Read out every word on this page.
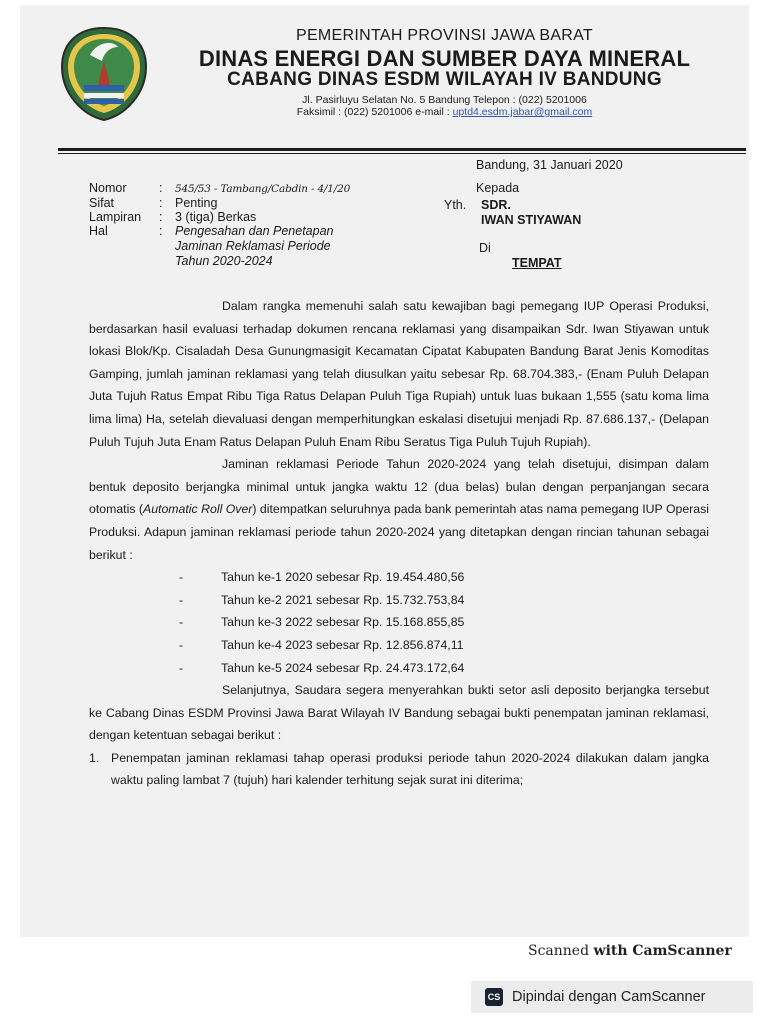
PEMERINTAH PROVINSI JAWA BARAT
DINAS ENERGI DAN SUMBER DAYA MINERAL
CABANG DINAS ESDM WILAYAH IV BANDUNG
Jl. Pasirluyu Selatan No. 5 Bandung Telepon : (022) 5201006
Faksimil : (022) 5201006 e-mail : uptd4.esdm.jabar@gmail.com
Bandung, 31 Januari 2020
Kepada
Yth. SDR.
IWAN STIYAWAN
Di
TEMPAT
Nomor	: 545/53 - Tambang/Cabdin - 4/1/20
Sifat	: Penting
Lampiran : 3 (tiga) Berkas
Hal	: Pengesahan dan Penetapan
Jaminan Reklamasi Periode
Tahun 2020-2024

Dalam rangka memenuhi salah satu kewajiban bagi pemegang IUP Operasi Produksi, berdasarkan hasil evaluasi terhadap dokumen rencana reklamasi yang disampaikan Sdr. Iwan Stiyawan untuk lokasi Blok/Kp. Cisaladah Desa Gunungmasigit Kecamatan Cipatat Kabupaten Bandung Barat Jenis Komoditas Gamping, jumlah jaminan reklamasi yang telah diusulkan yaitu sebesar Rp. 68.704.383,- (Enam Puluh Delapan Juta Tujuh Ratus Empat Ribu Tiga Ratus Delapan Puluh Tiga Rupiah) untuk luas bukaan 1,555 (satu koma lima lima lima) Ha, setelah dievaluasi dengan memperhitungkan eskalasi disetujui menjadi Rp. 87.686.137,- (Delapan Puluh Tujuh Juta Enam Ratus Delapan Puluh Enam Ribu Seratus Tiga Puluh Tujuh Rupiah).

Jaminan reklamasi Periode Tahun 2020-2024 yang telah disetujui, disimpan dalam bentuk deposito berjangka minimal untuk jangka waktu 12 (dua belas) bulan dengan perpanjangan secara otomatis (Automatic Roll Over) ditempatkan seluruhnya pada bank pemerintah atas nama pemegang IUP Operasi Produksi. Adapun jaminan reklamasi periode tahun 2020-2024 yang ditetapkan dengan rincian tahunan sebagai berikut :

-	Tahun ke-1 2020 sebesar Rp. 19.454.480,56
-	Tahun ke-2 2021 sebesar Rp. 15.732.753,84
-	Tahun ke-3 2022 sebesar Rp. 15.168.855,85
-	Tahun ke-4 2023 sebesar Rp. 12.856.874,11
-	Tahun ke-5 2024 sebesar Rp. 24.473.172,64

Selanjutnya, Saudara segera menyerahkan bukti setor asli deposito berjangka tersebut ke Cabang Dinas ESDM Provinsi Jawa Barat Wilayah IV Bandung sebagai bukti penempatan jaminan reklamasi, dengan ketentuan sebagai berikut :

1. Penempatan jaminan reklamasi tahap operasi produksi periode tahun 2020-2024 dilakukan dalam jangka waktu paling lambat 7 (tujuh) hari kalender terhitung sejak surat ini diterima;
Scanned with CamScanner
CS Dipindai dengan CamScanner
